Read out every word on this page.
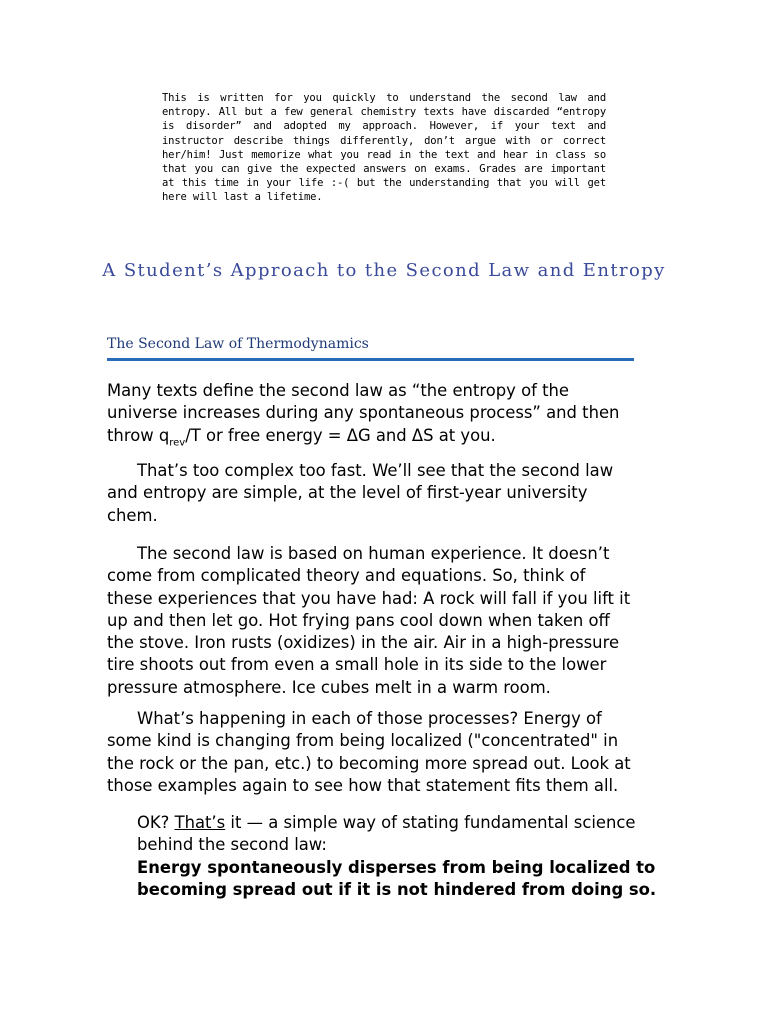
This is written for you quickly to understand the second law and entropy. All but a few general chemistry texts have discarded “entropy is disorder” and adopted my approach. However, if your text and instructor describe things differently, don’t argue with or correct her/him! Just memorize what you read in the text and hear in class so that you can give the expected answers on exams. Grades are important at this time in your life :-( but the understanding that you will get here will last a lifetime.

A Student’s Approach to the Second Law and Entropy
The Second Law of Thermodynamics

Many texts define the second law as “the entropy of the universe increases during any spontaneous process” and then throw $q_{rev}/T$ or free energy = ΔG and ΔS at you.

That’s too complex too fast. We’ll see that the second law and entropy are simple, at the level of first-year university chem.

The second law is based on human experience. It doesn’t come from complicated theory and equations. So, think of these experiences that you have had: A rock will fall if you lift it up and then let go. Hot frying pans cool down when taken off the stove. Iron rusts (oxidizes) in the air. Air in a high-pressure tire shoots out from even a small hole in its side to the lower pressure atmosphere. Ice cubes melt in a warm room.

What’s happening in each of those processes? Energy of some kind is changing from being localized ("concentrated" in the rock or the pan, etc.) to becoming more spread out. Look at those examples again to see how that statement fits them all.

OK? That’s it — a simple way of stating fundamental science behind the second law:
Energy spontaneously disperses from being localized to becoming spread out if it is not hindered from doing so.
